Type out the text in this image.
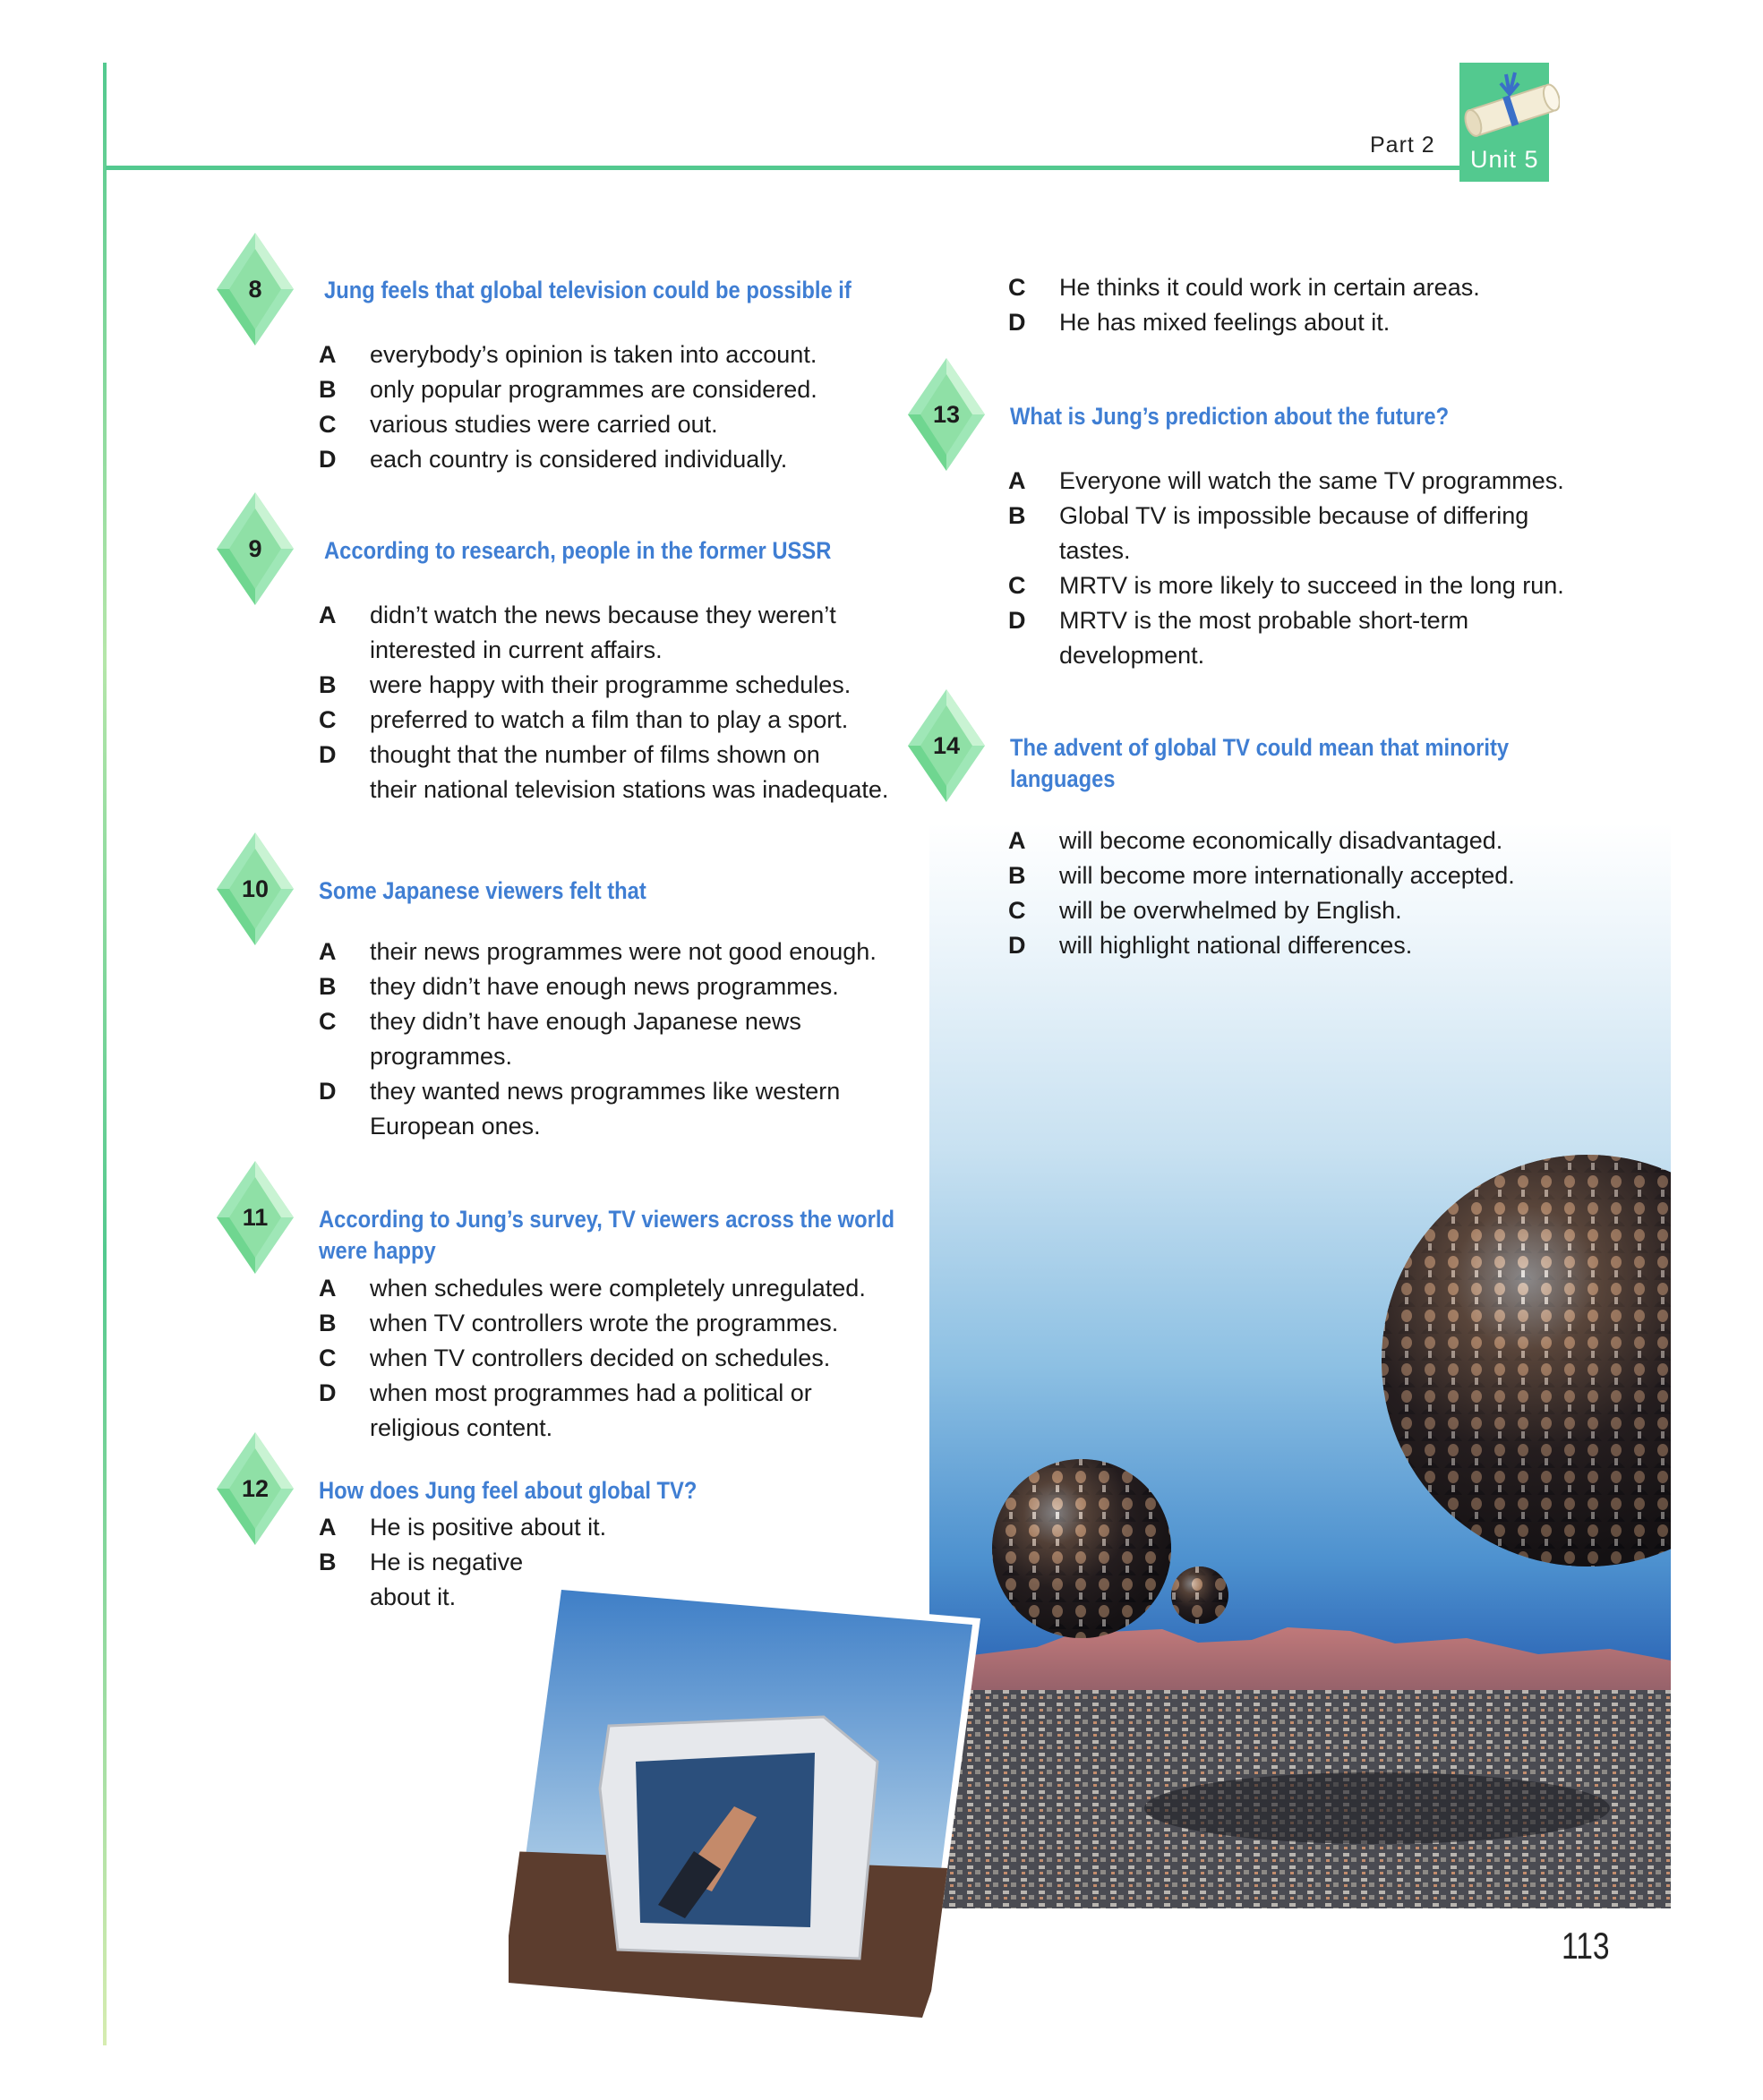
Part 2
Unit 5
113
8	Jung feels that global television could be possible if
A	everybody’s opinion is taken into account.
B	only popular programmes are considered.
C	various studies were carried out.
D	each country is considered individually.
9	According to research, people in the former USSR
A	didn’t watch the news because they weren’t
interested in current affairs.
B	were happy with their programme schedules.
C	preferred to watch a film than to play a sport.
D	thought that the number of films shown on
their national television stations was inadequate.
10	Some Japanese viewers felt that
A	their news programmes were not good enough.
B	they didn’t have enough news programmes.
C	they didn’t have enough Japanese news
programmes.
D	they wanted news programmes like western
European ones.
11	According to Jung’s survey, TV viewers across the world
were happy
A	when schedules were completely unregulated.
B	when TV controllers wrote the programmes.
C	when TV controllers decided on schedules.
D	when most programmes had a political or
religious content.
12	How does Jung feel about global TV?
A	He is positive about it.
B	He is negative
about it.
C	He thinks it could work in certain areas.
D	He has mixed feelings about it.
13	What is Jung’s prediction about the future?
A	Everyone will watch the same TV programmes.
B	Global TV is impossible because of differing
tastes.
C	MRTV is more likely to succeed in the long run.
D	MRTV is the most probable short-term
development.
14	The advent of global TV could mean that minority
languages
A	will become economically disadvantaged.
B	will become more internationally accepted.
C	will be overwhelmed by English.
D	will highlight national differences.
